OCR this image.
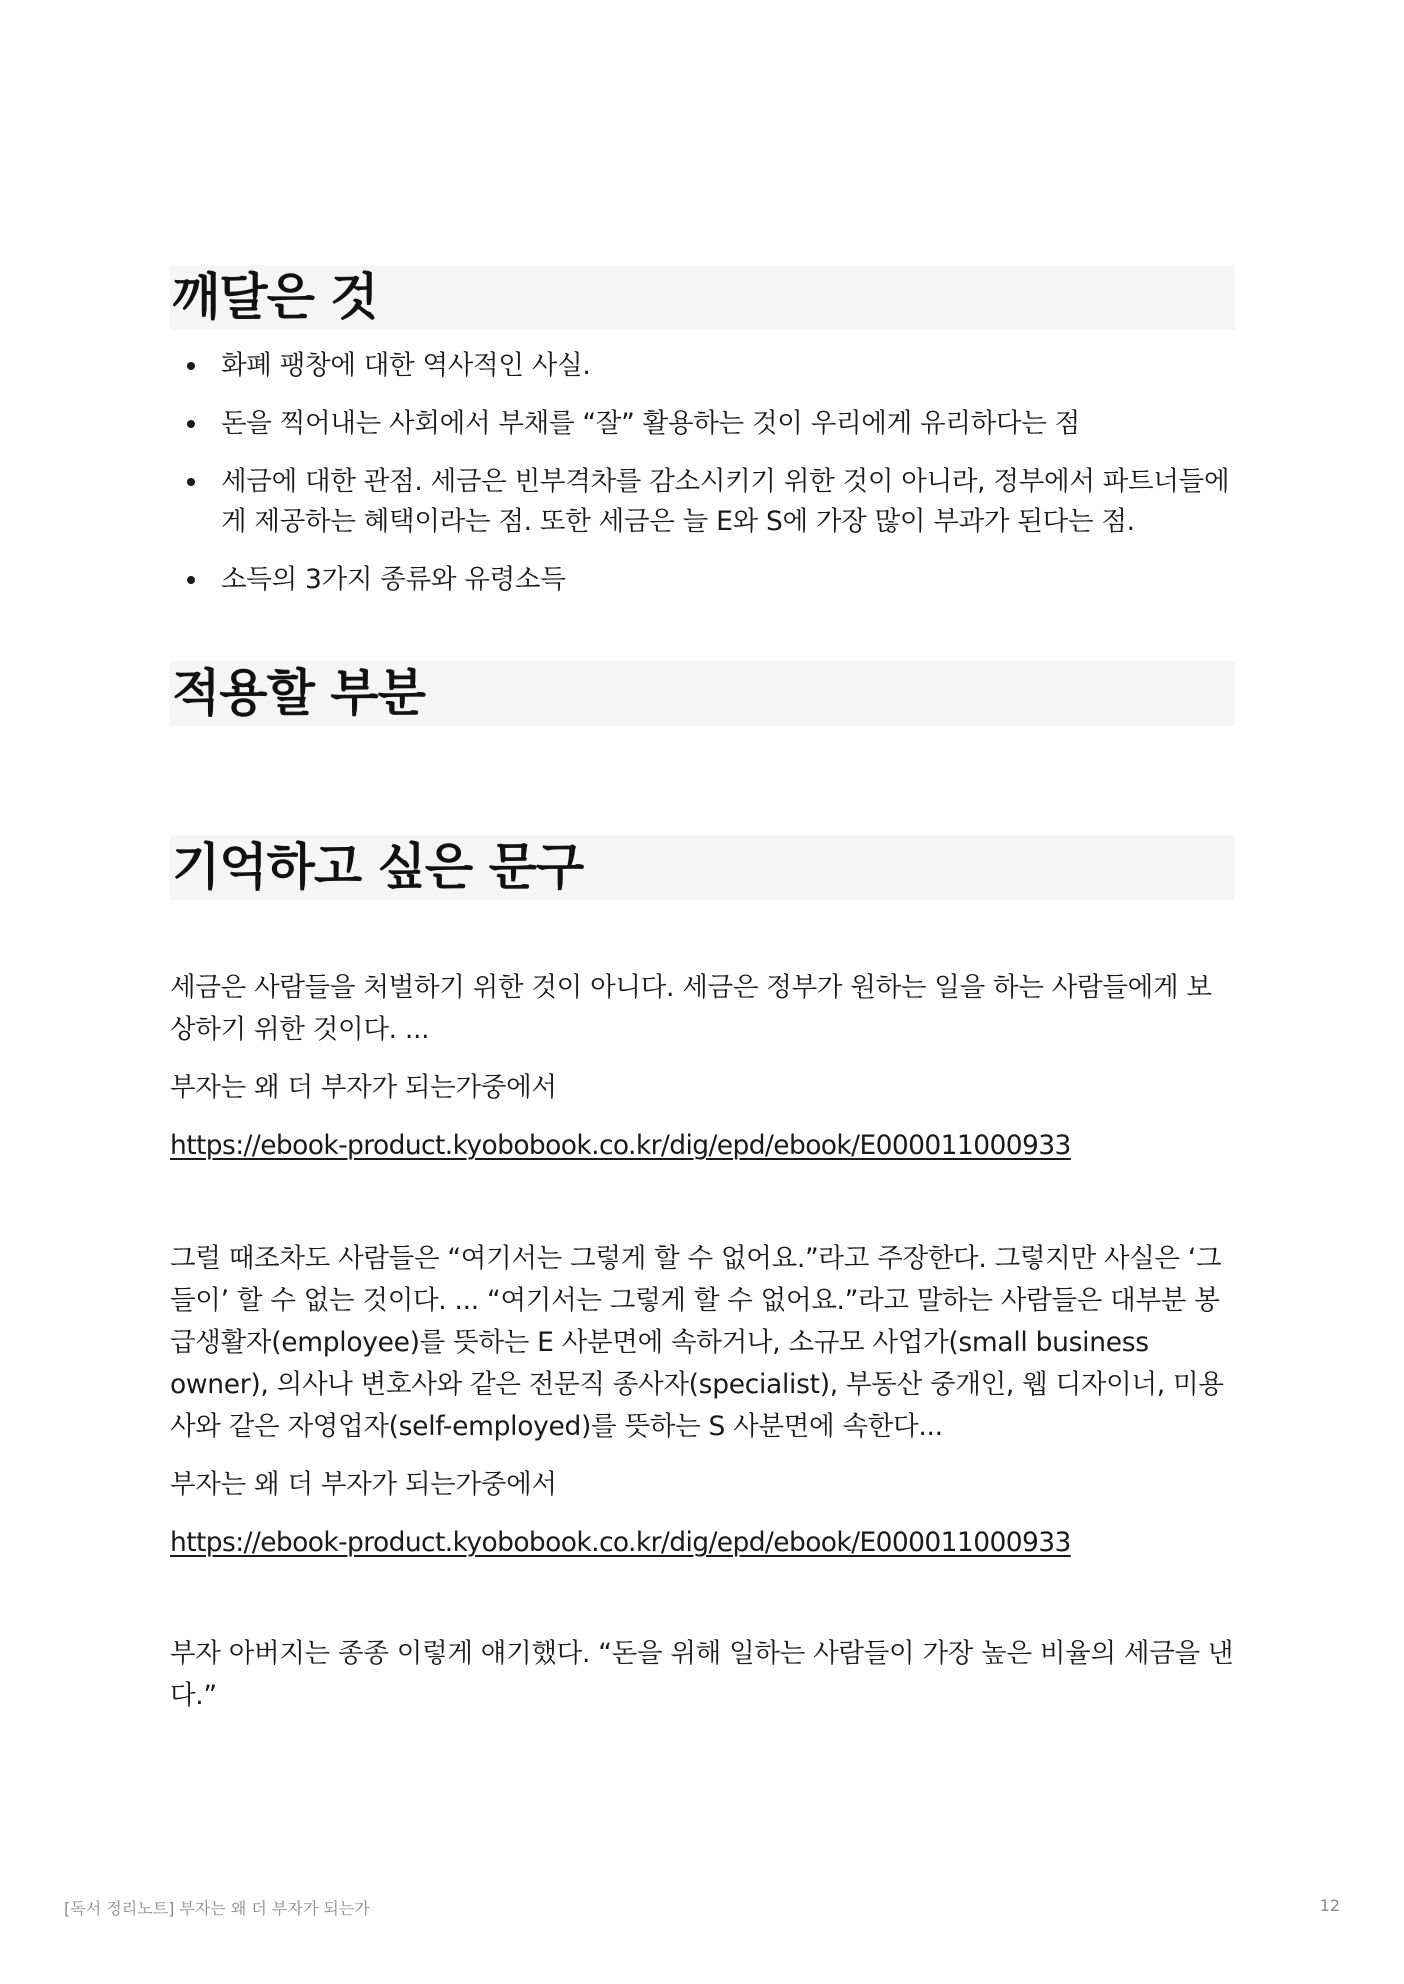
깨달은 것
화폐 팽창에 대한 역사적인 사실.
돈을 찍어내는 사회에서 부채를 “잘” 활용하는 것이 우리에게 유리하다는 점
세금에 대한 관점. 세금은 빈부격차를 감소시키기 위한 것이 아니라, 정부에서 파트너들에게 제공하는 혜택이라는 점. 또한 세금은 늘 E와 S에 가장 많이 부과가 된다는 점.
소득의 3가지 종류와 유령소득
적용할 부분
기억하고 싶은 문구

세금은 사람들을 처벌하기 위한 것이 아니다. 세금은 정부가 원하는 일을 하는 사람들에게 보상하기 위한 것이다. ...

부자는 왜 더 부자가 되는가중에서

https://ebook-product.kyobobook.co.kr/dig/epd/ebook/E000011000933

그럴 때조차도 사람들은 “여기서는 그렇게 할 수 없어요.”라고 주장한다. 그렇지만 사실은 ‘그들이’ 할 수 없는 것이다. ... “여기서는 그렇게 할 수 없어요.”라고 말하는 사람들은 대부분 봉급생활자(employee)를 뜻하는 E 사분면에 속하거나, 소규모 사업가(small business owner), 의사나 변호사와 같은 전문직 종사자(specialist), 부동산 중개인, 웹 디자이너, 미용사와 같은 자영업자(self-employed)를 뜻하는 S 사분면에 속한다...

부자는 왜 더 부자가 되는가중에서

https://ebook-product.kyobobook.co.kr/dig/epd/ebook/E000011000933

부자 아버지는 종종 이렇게 얘기했다. “돈을 위해 일하는 사람들이 가장 높은 비율의 세금을 낸다.”

[독서 정리노트] 부자는 왜 더 부자가 되는가	12
